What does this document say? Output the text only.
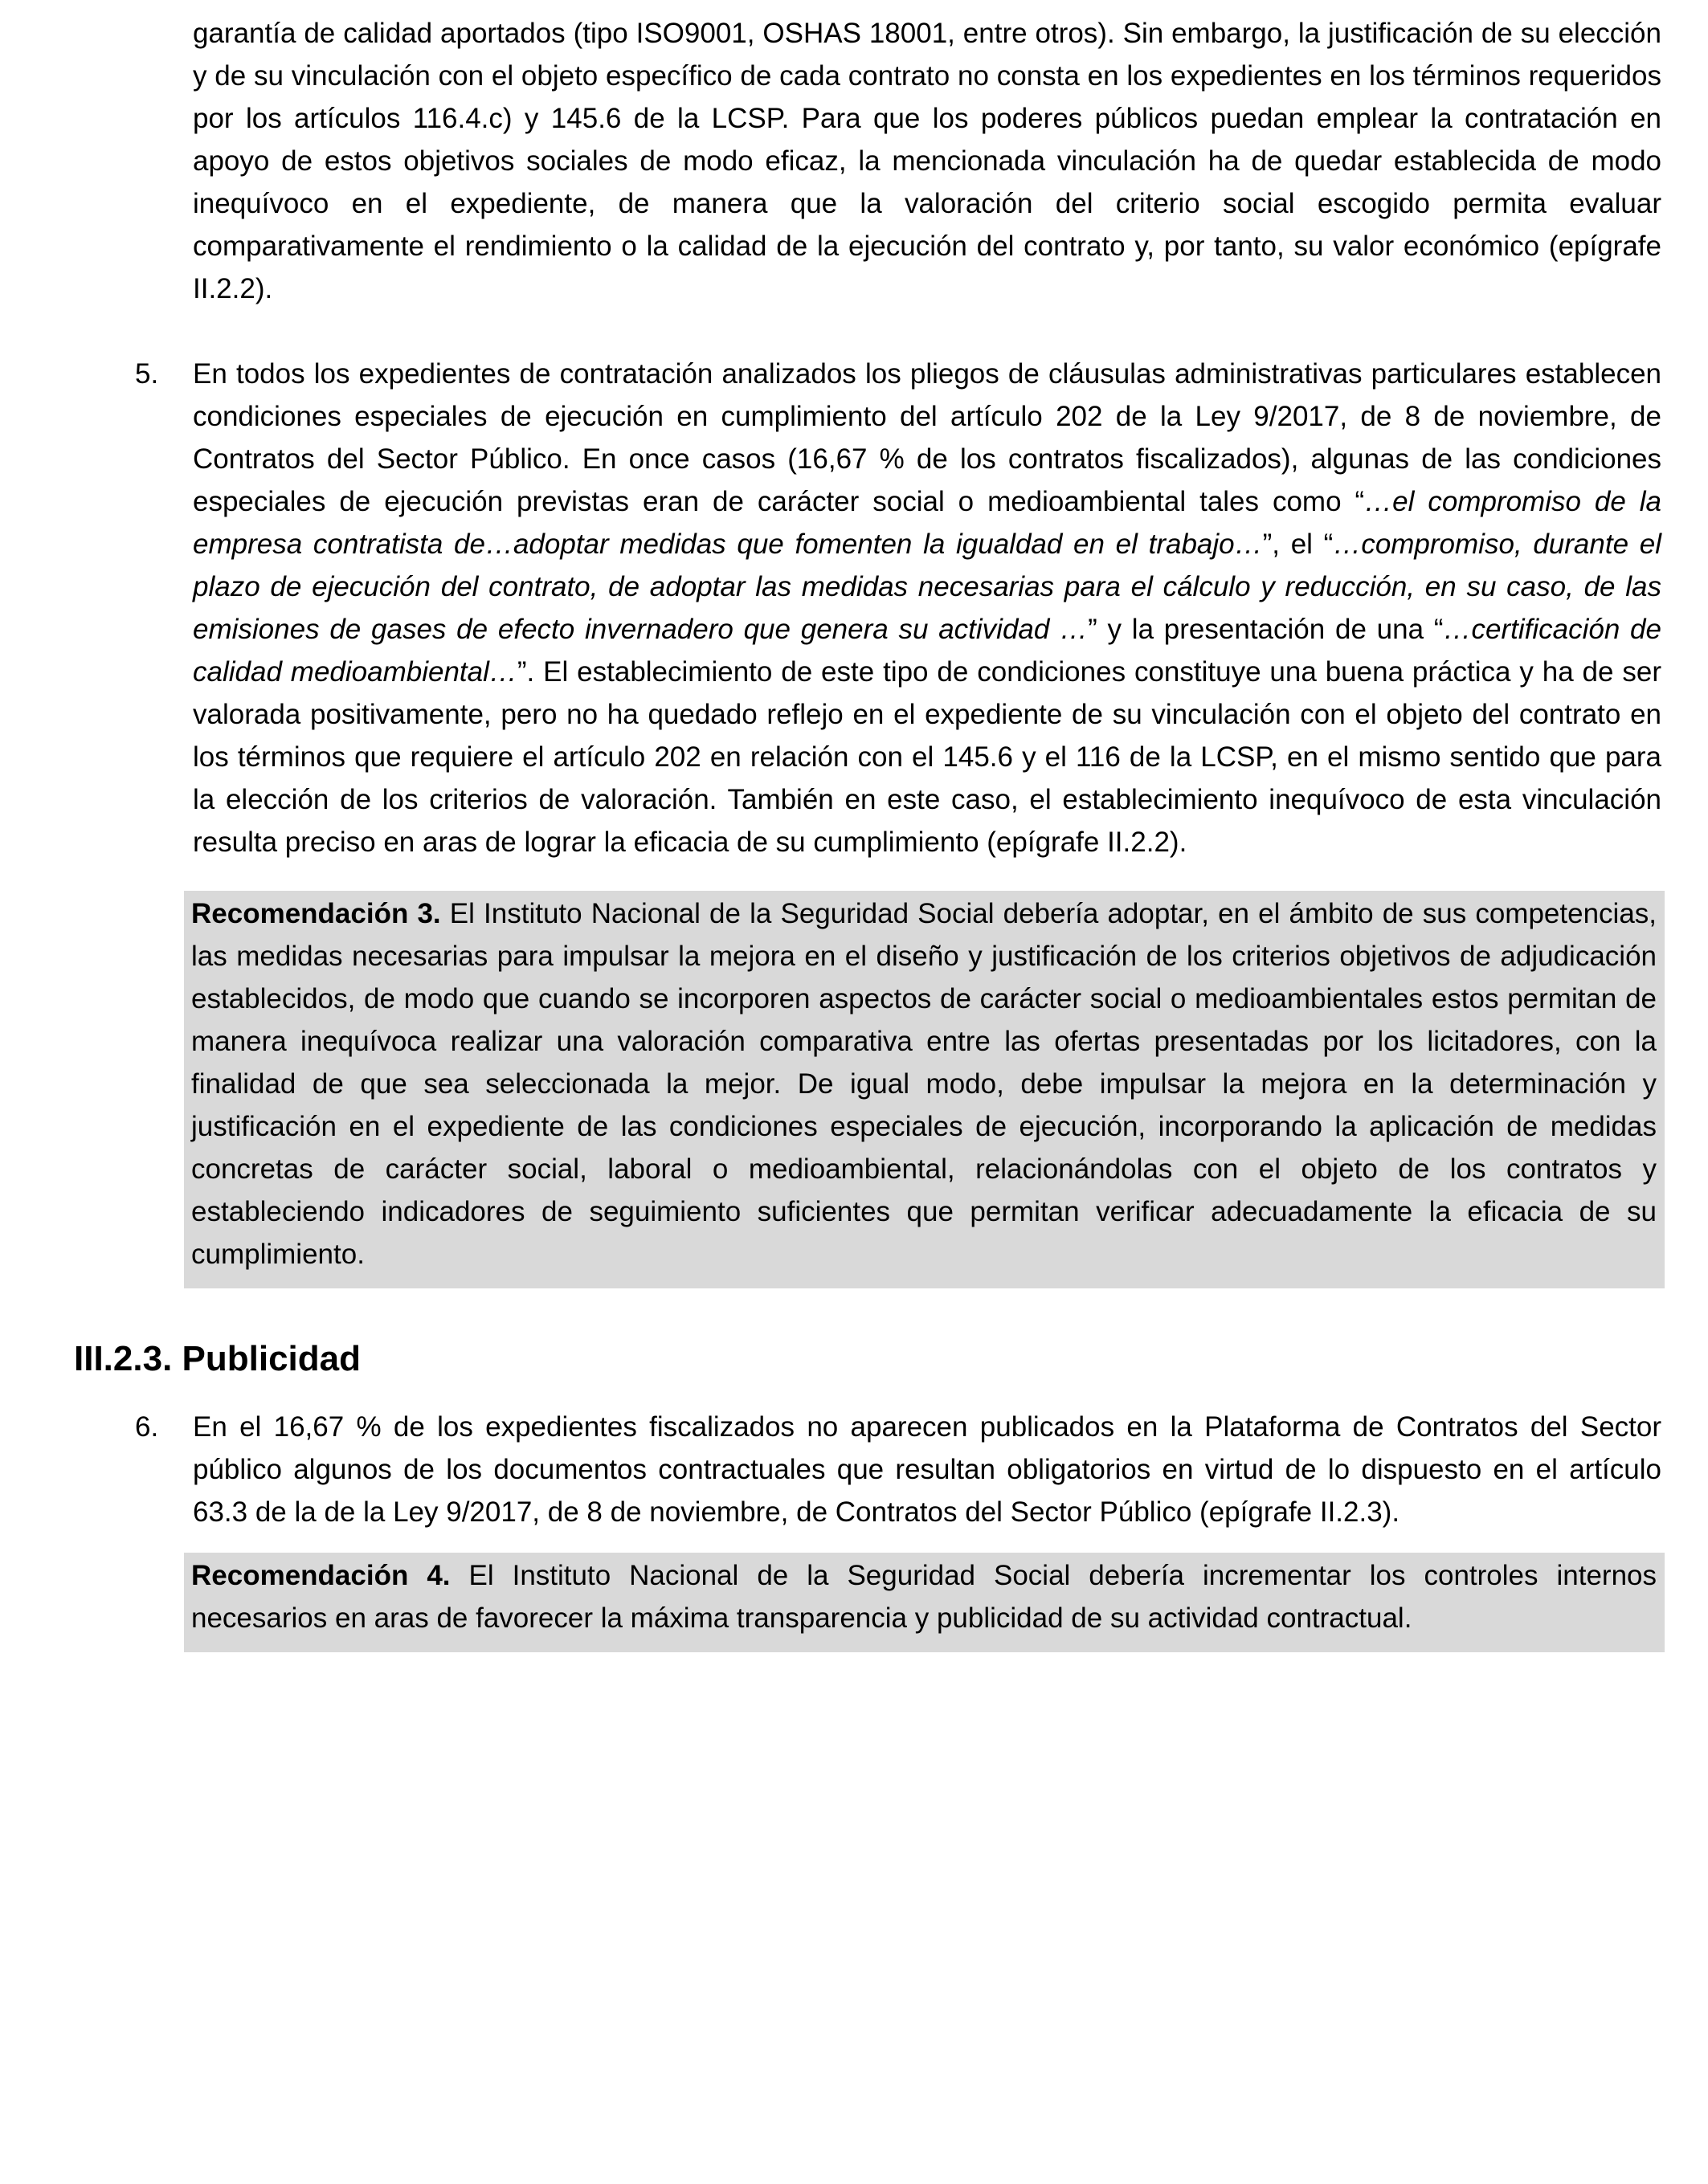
garantía de calidad aportados (tipo ISO9001, OSHAS 18001, entre otros). Sin embargo, la justificación de su elección y de su vinculación con el objeto específico de cada contrato no consta en los expedientes en los términos requeridos por los artículos 116.4.c) y 145.6 de la LCSP. Para que los poderes públicos puedan emplear la contratación en apoyo de estos objetivos sociales de modo eficaz, la mencionada vinculación ha de quedar establecida de modo inequívoco en el expediente, de manera que la valoración del criterio social escogido permita evaluar comparativamente el rendimiento o la calidad de la ejecución del contrato y, por tanto, su valor económico (epígrafe II.2.2).

5. En todos los expedientes de contratación analizados los pliegos de cláusulas administrativas particulares establecen condiciones especiales de ejecución en cumplimiento del artículo 202 de la Ley 9/2017, de 8 de noviembre, de Contratos del Sector Público. En once casos (16,67 % de los contratos fiscalizados), algunas de las condiciones especiales de ejecución previstas eran de carácter social o medioambiental tales como “…el compromiso de la empresa contratista de…adoptar medidas que fomenten la igualdad en el trabajo…”, el “…compromiso, durante el plazo de ejecución del contrato, de adoptar las medidas necesarias para el cálculo y reducción, en su caso, de las emisiones de gases de efecto invernadero que genera su actividad …” y la presentación de una “…certificación de calidad medioambiental…”. El establecimiento de este tipo de condiciones constituye una buena práctica y ha de ser valorada positivamente, pero no ha quedado reflejo en el expediente de su vinculación con el objeto del contrato en los términos que requiere el artículo 202 en relación con el 145.6 y el 116 de la LCSP, en el mismo sentido que para la elección de los criterios de valoración. También en este caso, el establecimiento inequívoco de esta vinculación resulta preciso en aras de lograr la eficacia de su cumplimiento (epígrafe II.2.2).

Recomendación 3. El Instituto Nacional de la Seguridad Social debería adoptar, en el ámbito de sus competencias, las medidas necesarias para impulsar la mejora en el diseño y justificación de los criterios objetivos de adjudicación establecidos, de modo que cuando se incorporen aspectos de carácter social o medioambientales estos permitan de manera inequívoca realizar una valoración comparativa entre las ofertas presentadas por los licitadores, con la finalidad de que sea seleccionada la mejor. De igual modo, debe impulsar la mejora en la determinación y justificación en el expediente de las condiciones especiales de ejecución, incorporando la aplicación de medidas concretas de carácter social, laboral o medioambiental, relacionándolas con el objeto de los contratos y estableciendo indicadores de seguimiento suficientes que permitan verificar adecuadamente la eficacia de su cumplimiento.

III.2.3. Publicidad
6. En el 16,67 % de los expedientes fiscalizados no aparecen publicados en la Plataforma de Contratos del Sector público algunos de los documentos contractuales que resultan obligatorios en virtud de lo dispuesto en el artículo 63.3 de la de la Ley 9/2017, de 8 de noviembre, de Contratos del Sector Público (epígrafe II.2.3).

Recomendación 4. El Instituto Nacional de la Seguridad Social debería incrementar los controles internos necesarios en aras de favorecer la máxima transparencia y publicidad de su actividad contractual.
